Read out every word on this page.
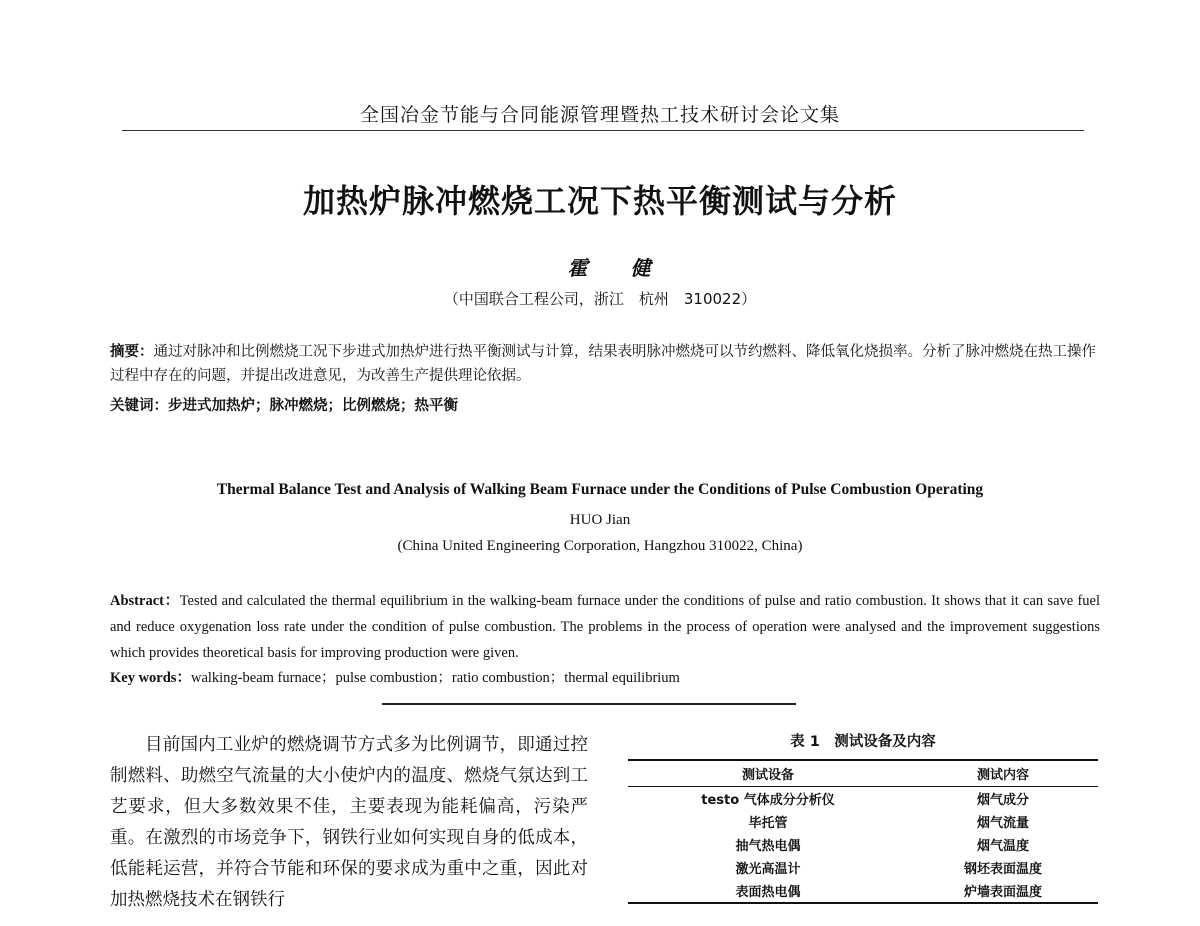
全国冶金节能与合同能源管理暨热工技术研讨会论文集
加热炉脉冲燃烧工况下热平衡测试与分析
霍 健
（中国联合工程公司，浙江　杭州　310022）
摘要：通过对脉冲和比例燃烧工况下步进式加热炉进行热平衡测试与计算，结果表明脉冲燃烧可以节约燃料、降低氧化烧损率。分析了脉冲燃烧在热工操作过程中存在的问题，并提出改进意见，为改善生产提供理论依据。
关键词：步进式加热炉；脉冲燃烧；比例燃烧；热平衡
Thermal Balance Test and Analysis of Walking Beam Furnace under the Conditions of Pulse Combustion Operating
HUO Jian
(China United Engineering Corporation, Hangzhou 310022, China)
Abstract：Tested and calculated the thermal equilibrium in the walking-beam furnace under the conditions of pulse and ratio combustion. It shows that it can save fuel and reduce oxygenation loss rate under the condition of pulse combustion. The problems in the process of operation were analysed and the improvement suggestions which provides theoretical basis for improving production were given.
Key words：walking-beam furnace；pulse combustion；ratio combustion；thermal equilibrium
目前国内工业炉的燃烧调节方式多为比例调节，即通过控制燃料、助燃空气流量的大小使炉内的温度、燃烧气氛达到工艺要求，但大多数效果不佳，主要表现为能耗偏高，污染严重。在激烈的市场竞争下，钢铁行业如何实现自身的低成本，低能耗运营，并符合节能和环保的要求成为重中之重，因此对加热燃烧技术在钢铁行
表 1　测试设备及内容
测试设备	测试内容
testo 气体成分分析仪	烟气成分
毕托管	烟气流量
抽气热电偶	烟气温度
激光高温计	钢坯表面温度
表面热电偶	炉墙表面温度
